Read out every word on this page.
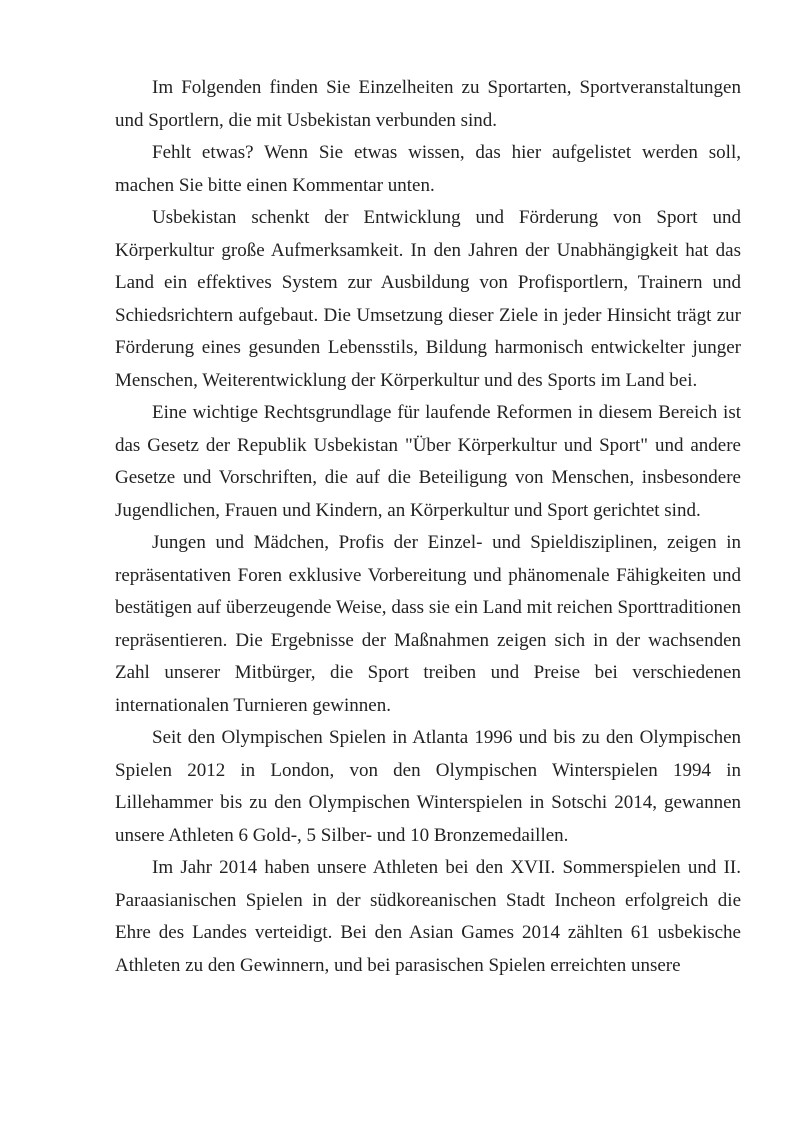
Im Folgenden finden Sie Einzelheiten zu Sportarten, Sportveranstaltungen und Sportlern, die mit Usbekistan verbunden sind.

Fehlt etwas? Wenn Sie etwas wissen, das hier aufgelistet werden soll, machen Sie bitte einen Kommentar unten.

Usbekistan schenkt der Entwicklung und Förderung von Sport und Körperkultur große Aufmerksamkeit. In den Jahren der Unabhängigkeit hat das Land ein effektives System zur Ausbildung von Profisportlern, Trainern und Schiedsrichtern aufgebaut. Die Umsetzung dieser Ziele in jeder Hinsicht trägt zur Förderung eines gesunden Lebensstils, Bildung harmonisch entwickelter junger Menschen, Weiterentwicklung der Körperkultur und des Sports im Land bei.

Eine wichtige Rechtsgrundlage für laufende Reformen in diesem Bereich ist das Gesetz der Republik Usbekistan "Über Körperkultur und Sport" und andere Gesetze und Vorschriften, die auf die Beteiligung von Menschen, insbesondere Jugendlichen, Frauen und Kindern, an Körperkultur und Sport gerichtet sind.

Jungen und Mädchen, Profis der Einzel- und Spieldisziplinen, zeigen in repräsentativen Foren exklusive Vorbereitung und phänomenale Fähigkeiten und bestätigen auf überzeugende Weise, dass sie ein Land mit reichen Sporttraditionen repräsentieren. Die Ergebnisse der Maßnahmen zeigen sich in der wachsenden Zahl unserer Mitbürger, die Sport treiben und Preise bei verschiedenen internationalen Turnieren gewinnen.

Seit den Olympischen Spielen in Atlanta 1996 und bis zu den Olympischen Spielen 2012 in London, von den Olympischen Winterspielen 1994 in Lillehammer bis zu den Olympischen Winterspielen in Sotschi 2014, gewannen unsere Athleten 6 Gold-, 5 Silber- und 10 Bronzemedaillen.

Im Jahr 2014 haben unsere Athleten bei den XVII. Sommerspielen und II. Paraasianischen Spielen in der südkoreanischen Stadt Incheon erfolgreich die Ehre des Landes verteidigt. Bei den Asian Games 2014 zählten 61 usbekische Athleten zu den Gewinnern, und bei parasischen Spielen erreichten unsere
